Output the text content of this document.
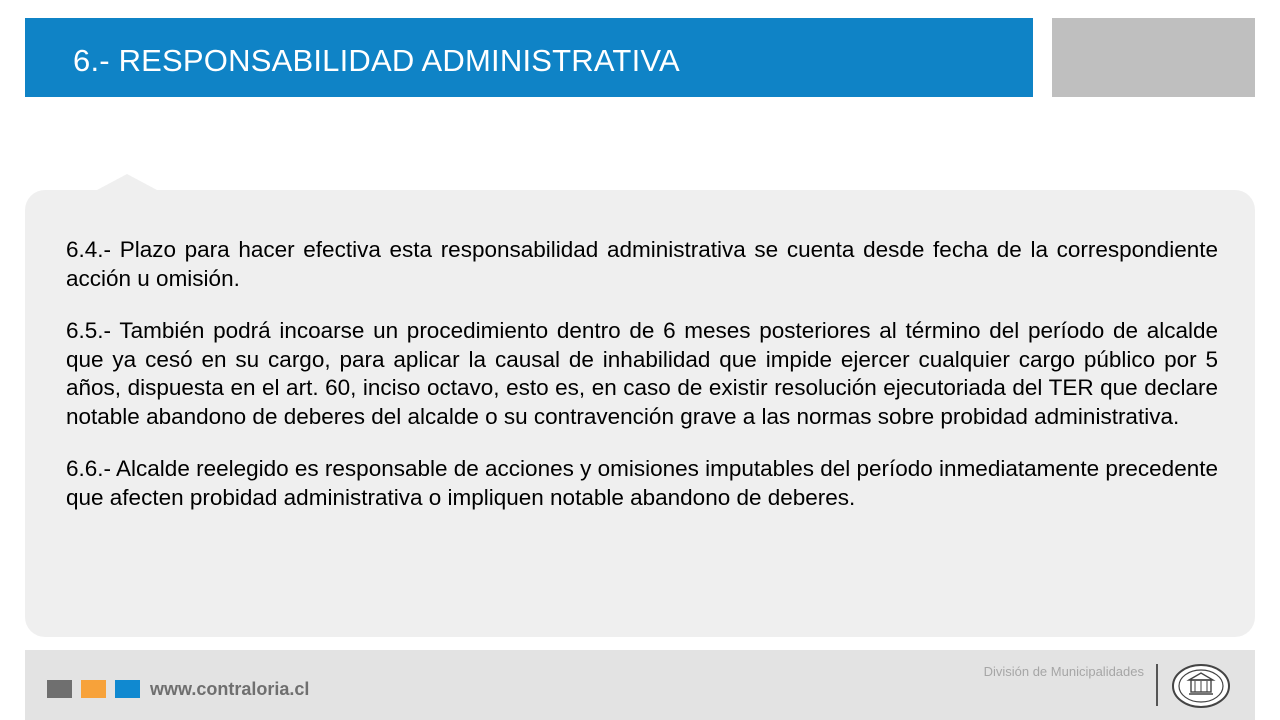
6.- RESPONSABILIDAD ADMINISTRATIVA

6.4.- Plazo para hacer efectiva esta responsabilidad administrativa se cuenta desde fecha de la correspondiente acción u omisión.

6.5.- También podrá incoarse un procedimiento dentro de 6 meses posteriores al término del período de alcalde que ya cesó en su cargo, para aplicar la causal de inhabilidad que impide ejercer cualquier cargo público por 5 años, dispuesta en el art. 60, inciso octavo, esto es, en caso de existir resolución ejecutoriada del TER que declare notable abandono de deberes del alcalde o su contravención grave a las normas sobre probidad administrativa.

6.6.- Alcalde reelegido es responsable de acciones y omisiones imputables del período inmediatamente precedente que afecten probidad administrativa o impliquen notable abandono de deberes.

www.contraloria.cl
División de Municipalidades
